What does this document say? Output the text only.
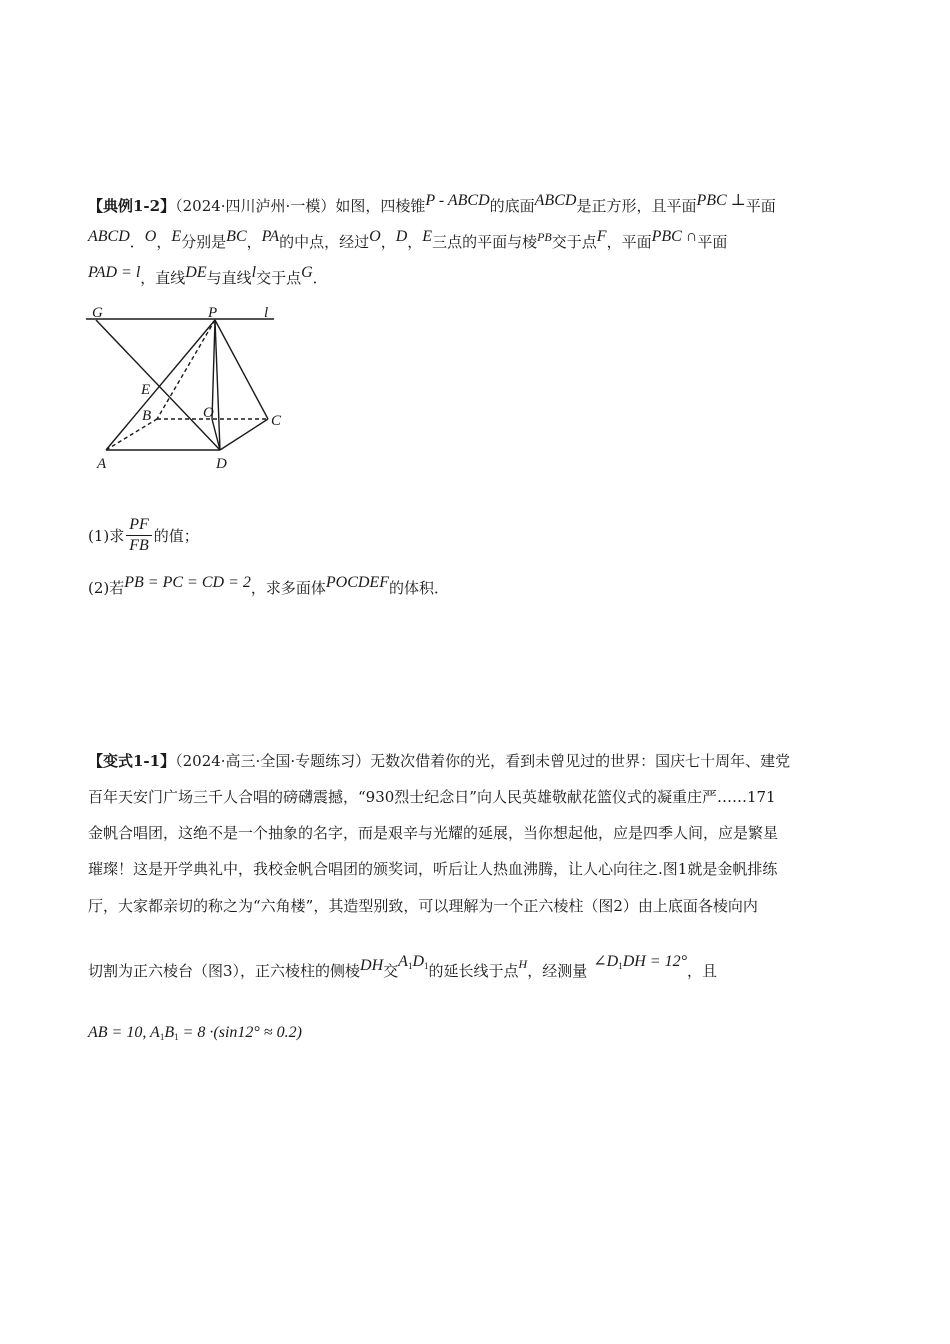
【典例1-2】（2024·四川泸州·一模）如图，四棱锥P - ABCD的底面ABCD是正方形，且平面PBC ⊥平面
ABCD．O，E分别是BC，PA的中点，经过O，D，E三点的平面与棱$^{PB}$交于点F，平面PBC ∩平面
PAD = l，直线DE与直线l交于点G．
G	P	l
E
B	O	C
A	D
(1)求 $\frac{PF}{FB}$ 的值；
(2)若PB = PC = CD = 2，求多面体POCDEF的体积．
【变式1-1】（2024·高三·全国·专题练习）无数次借着你的光，看到未曾见过的世界：国庆七十周年、建党
百年天安门广场三千人合唱的磅礴震撼，“930烈士纪念日”向人民英雄敬献花篮仪式的凝重庄严……171
金帆合唱团，这绝不是一个抽象的名字，而是艰辛与光耀的延展，当你想起他，应是四季人间，应是繁星
璀璨！这是开学典礼中，我校金帆合唱团的颁奖词，听后让人热血沸腾，让人心向往之.图1就是金帆排练
厅，大家都亲切的称之为“六角楼”，其造型别致，可以理解为一个正六棱柱（图2）由上底面各棱向内
切割为正六棱台（图3），正六棱柱的侧棱DH交$A_1D_1$的延长线于点$^H$，经测量$\angle D_1DH = 12^\circ$，且
AB = 10, $A_1B_1 = 8 \cdot(\sin 12^\circ \approx 0.2)$
